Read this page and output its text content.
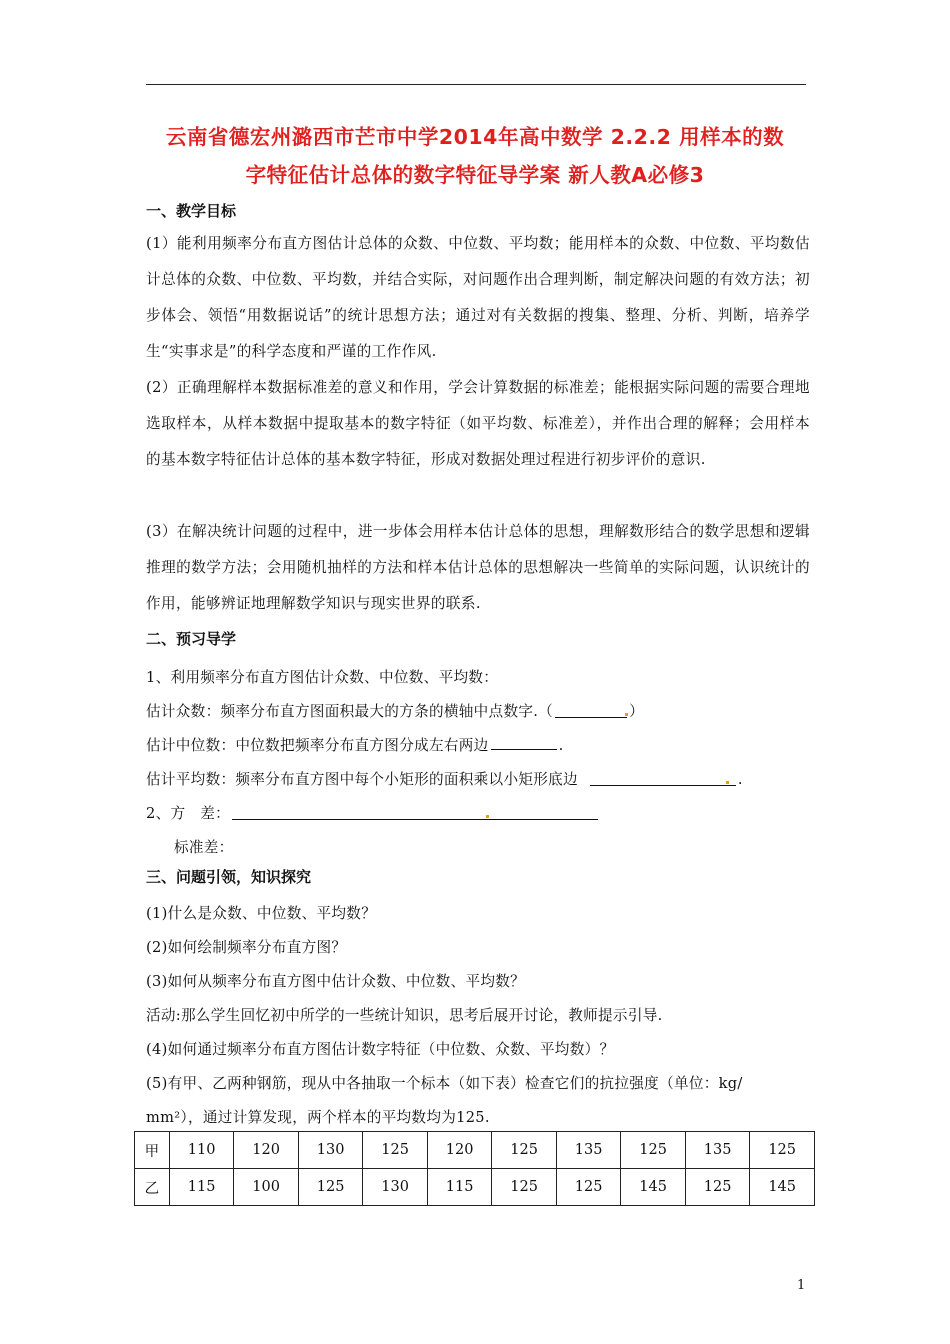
云南省德宏州潞西市芒市中学2014年高中数学 2.2.2 用样本的数
字特征估计总体的数字特征导学案 新人教A必修3
一、教学目标
(1）能利用频率分布直方图估计总体的众数、中位数、平均数；能用样本的众数、中位数、平均数估计总体的众数、中位数、平均数，并结合实际，对问题作出合理判断，制定解决问题的有效方法；初步体会、领悟“用数据说话”的统计思想方法；通过对有关数据的搜集、整理、分析、判断，培养学生“实事求是”的科学态度和严谨的工作作风.
(2）正确理解样本数据标准差的意义和作用，学会计算数据的标准差；能根据实际问题的需要合理地选取样本，从样本数据中提取基本的数字特征（如平均数、标准差），并作出合理的解释；会用样本的基本数字特征估计总体的基本数字特征，形成对数据处理过程进行初步评价的意识.
(3）在解决统计问题的过程中，进一步体会用样本估计总体的思想，理解数形结合的数学思想和逻辑推理的数学方法；会用随机抽样的方法和样本估计总体的思想解决一些简单的实际问题，认识统计的作用，能够辨证地理解数学知识与现实世界的联系.
二、预习导学
1、利用频率分布直方图估计众数、中位数、平均数：
估计众数：频率分布直方图面积最大的方条的横轴中点数字.（	）
估计中位数：中位数把频率分布直方图分成左右两边	.
估计平均数：频率分布直方图中每个小矩形的面积乘以小矩形底边	.
2、方　差：
标准差：
三、问题引领，知识探究
(1)什么是众数、中位数、平均数？
(2)如何绘制频率分布直方图？
(3)如何从频率分布直方图中估计众数、中位数、平均数？
活动:那么学生回忆初中所学的一些统计知识，思考后展开讨论，教师提示引导.
(4)如何通过频率分布直方图估计数字特征（中位数、众数、平均数）？
(5)有甲、乙两种钢筋，现从中各抽取一个标本（如下表）检查它们的抗拉强度（单位：kg/
mm²），通过计算发现，两个样本的平均数均为125.
甲	110	120	130	125	120	125	135	125	135	125
乙	115	100	125	130	115	125	125	145	125	145
1
